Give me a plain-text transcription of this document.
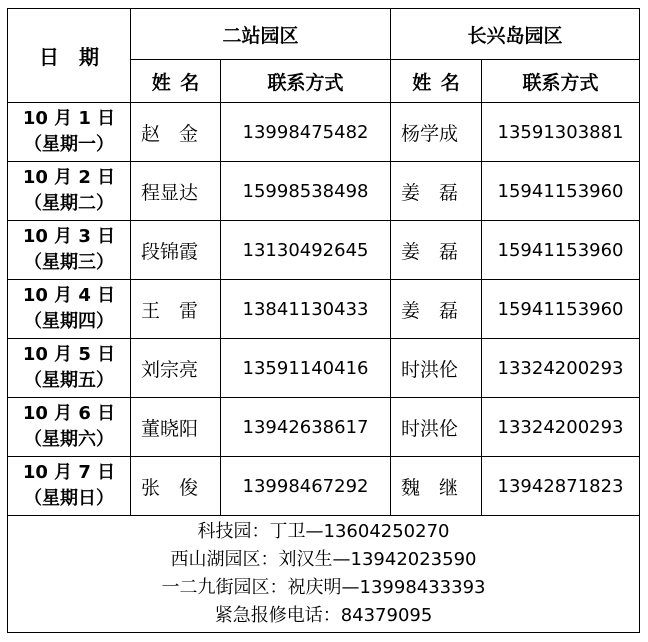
日　期	二站园区		长兴岛园区	
	姓 名	联系方式	姓 名	联系方式

10 月 1 日
（星期一）	赵　金	13998475482	杨学成	13591303881

10 月 2 日
（星期二）	程显达	15998538498	姜　磊	15941153960

10 月 3 日
（星期三）	段锦霞	13130492645	姜　磊	15941153960

10 月 4 日
（星期四）	王　雷	13841130433	姜　磊	15941153960

10 月 5 日
（星期五）	刘宗亮	13591140416	时洪伦	13324200293

10 月 6 日
（星期六）	董晓阳	13942638617	时洪伦	13324200293

10 月 7 日
（星期日）	张　俊	13998467292	魏　继	13942871823

科技园：丁卫—13604250270
西山湖园区：刘汉生—13942023590
一二九街园区：祝庆明—13998433393
紧急报修电话：84379095				
